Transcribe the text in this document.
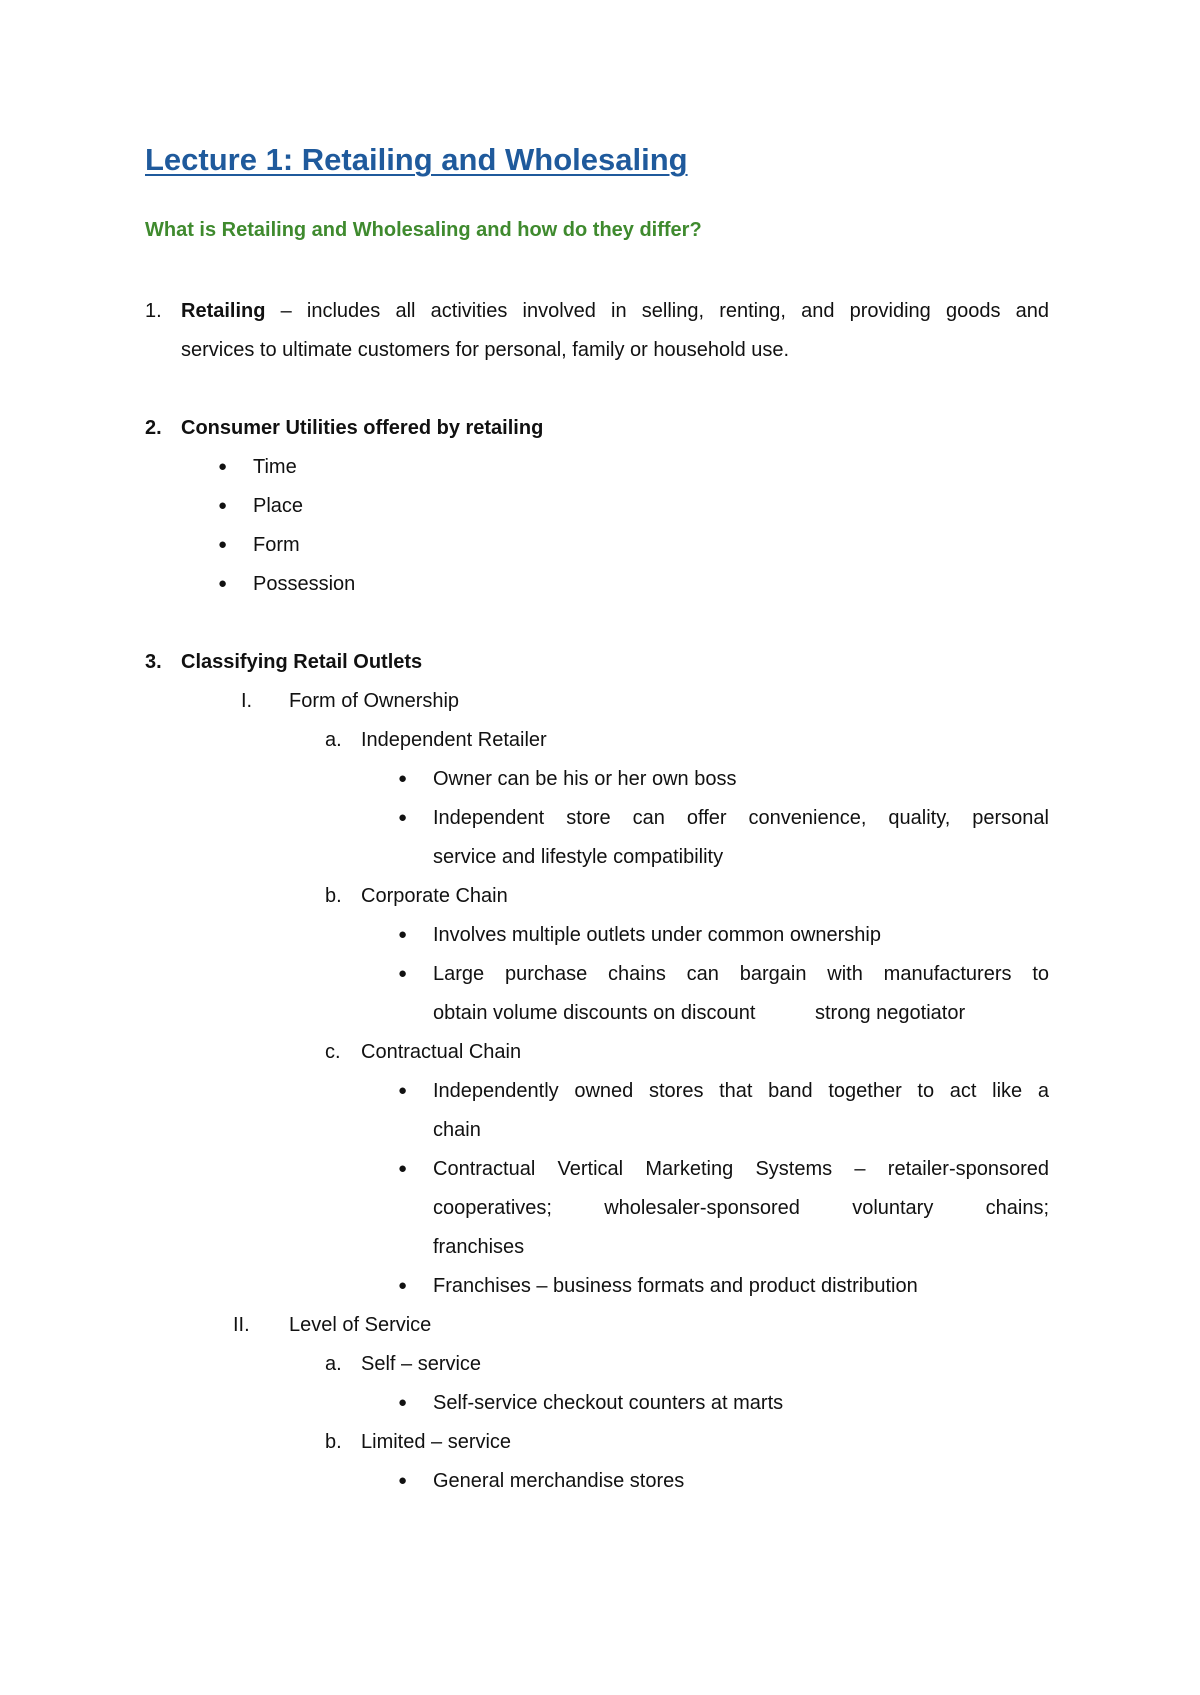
Lecture 1: Retailing and Wholesaling
What is Retailing and Wholesaling and how do they differ?
1. Retailing – includes all activities involved in selling, renting, and providing goods and
services to ultimate customers for personal, family or household use.
2. Consumer Utilities offered by retailing
● Time
● Place
● Form
● Possession
3. Classifying Retail Outlets
I. Form of Ownership
a. Independent Retailer
● Owner can be his or her own boss
● Independent store can offer convenience, quality, personal
service and lifestyle compatibility
b. Corporate Chain
● Involves multiple outlets under common ownership
● Large purchase chains can bargain with manufacturers to
obtain volume discounts on discount	strong negotiator
c. Contractual Chain
● Independently owned stores that band together to act like a
chain
● Contractual Vertical Marketing Systems – retailer-sponsored
cooperatives; wholesaler-sponsored voluntary chains;
franchises
● Franchises – business formats and product distribution
II. Level of Service
a. Self – service
● Self-service checkout counters at marts
b. Limited – service
● General merchandise stores
